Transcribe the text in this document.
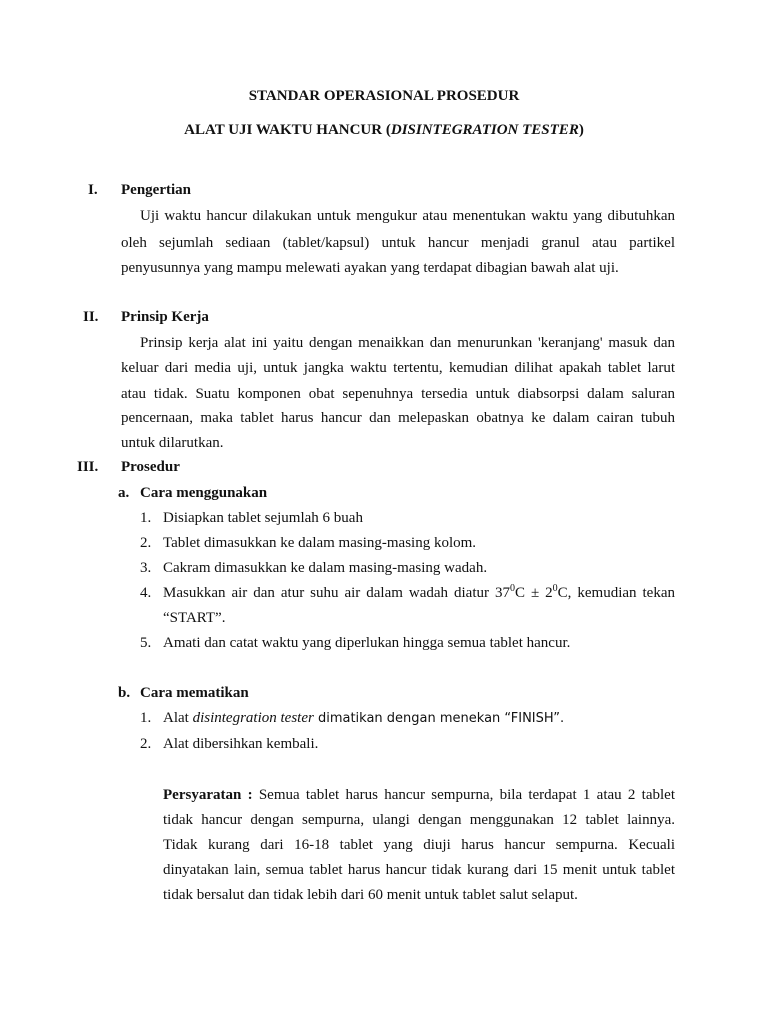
STANDAR OPERASIONAL PROSEDUR
ALAT UJI WAKTU HANCUR (DISINTEGRATION TESTER)
I. Pengertian
Uji waktu hancur dilakukan untuk mengukur atau menentukan waktu yang dibutuhkan
oleh sejumlah sediaan (tablet/kapsul) untuk hancur menjadi granul atau partikel
penyusunnya yang mampu melewati ayakan yang terdapat dibagian bawah alat uji.
II. Prinsip Kerja
Prinsip kerja alat ini yaitu dengan menaikkan dan menurunkan 'keranjang' masuk dan
keluar dari media uji, untuk jangka waktu tertentu, kemudian dilihat apakah tablet larut
atau tidak. Suatu komponen obat sepenuhnya tersedia untuk diabsorpsi dalam saluran
pencernaan, maka tablet harus hancur dan melepaskan obatnya ke dalam cairan tubuh
untuk dilarutkan.
III. Prosedur
a. Cara menggunakan
1. Disiapkan tablet sejumlah 6 buah
2. Tablet dimasukkan ke dalam masing-masing kolom.
3. Cakram dimasukkan ke dalam masing-masing wadah.
4. Masukkan air dan atur suhu air dalam wadah diatur $37^0C \pm 2^0C$, kemudian tekan
“START”.
5. Amati dan catat waktu yang diperlukan hingga semua tablet hancur.
b. Cara mematikan
1. Alat disintegration tester dimatikan dengan menekan “FINISH”.
2. Alat dibersihkan kembali.
Persyaratan : Semua tablet harus hancur sempurna, bila terdapat 1 atau 2 tablet
tidak hancur dengan sempurna, ulangi dengan menggunakan 12 tablet lainnya.
Tidak kurang dari 16-18 tablet yang diuji harus hancur sempurna. Kecuali
dinyatakan lain, semua tablet harus hancur tidak kurang dari 15 menit untuk tablet
tidak bersalut dan tidak lebih dari 60 menit untuk tablet salut selaput.
